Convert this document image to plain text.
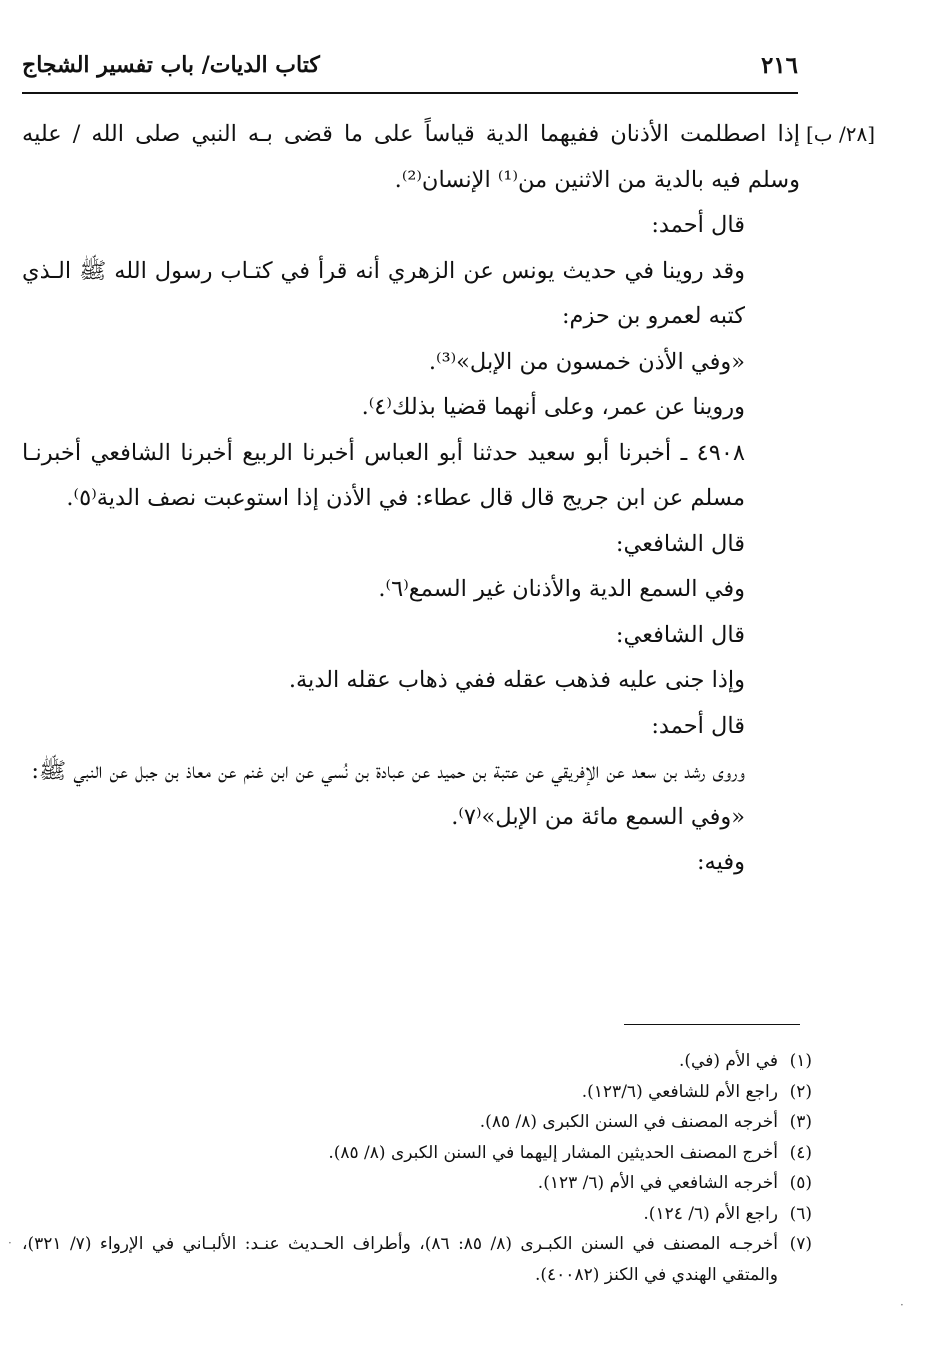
٢١٦
كتاب الديات/ باب تفسير الشجاج
[٢٨/ ب]

إذا اصطلمت الأذنان ففيهما الدية قياساً على ما قضى بـه النبي صلى الله / عليه وسلم فيه بالدية من الاثنين من⁽¹⁾ الإنسان⁽²⁾.

قال أحمد:

وقد روينا في حديث يونس عن الزهري أنه قرأ في كتـاب رسول الله ﷺ الـذي كتبه لعمرو بن حزم:

«وفي الأذن خمسون من الإبل»⁽³⁾.

وروينا عن عمر، وعلى أنهما قضيا بذلك⁽٤⁾.

٤٩٠٨ ـ أخبرنا أبو سعيد حدثنا أبو العباس أخبرنا الربيع أخبرنا الشافعي أخبرنـا مسلم عن ابن جريج قال قال عطاء: في الأذن إذا استوعبت نصف الدية⁽٥⁾.

قال الشافعي:

وفي السمع الدية والأذنان غير السمع⁽٦⁾.

قال الشافعي:

وإذا جنى عليه فذهب عقله ففي ذهاب عقله الدية.

قال أحمد:

وروى رشد بن سعد عن الإفريقي عن عتبة بن حميد عن عبادة بن نُسي عن ابن غنم عن معاذ بن جبل عن النبي ﷺ:

«وفي السمع مائة من الإبل»⁽٧⁾.

وفيه:

(١)
في الأم (في).
(٢)
راجع الأم للشافعي (١٢٣/٦).
(٣)
أخرجه المصنف في السنن الكبرى (٨/ ٨٥).
(٤)
أخرج المصنف الحديثين المشار إليهما في السنن الكبرى (٨/ ٨٥).
(٥)
أخرجه الشافعي في الأم (٦/ ١٢٣).
(٦)
راجع الأم (٦/ ١٢٤).
(٧)
أخرجـه المصنف في السنن الكبـرى (٨/ ٨٥: ٨٦)، وأطراف الحـديث عنـد: الألبـاني في الإرواء (٧/ ٣٢١)، والمتقي الهندي في الكنز (٤٠٠٨٢).
·
·
